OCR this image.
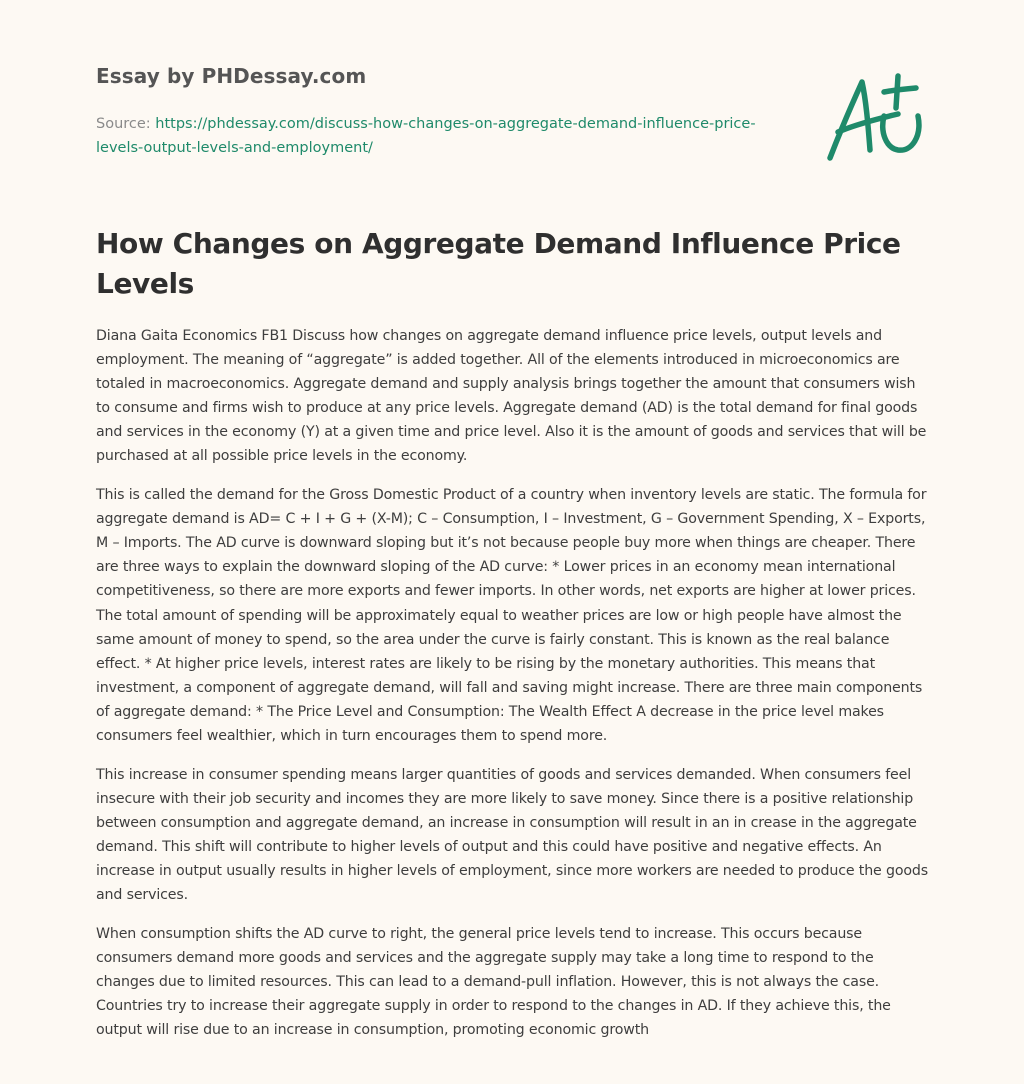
Essay by PHDessay.com
Source: https://phdessay.com/discuss-how-changes-on-aggregate-demand-influence-price-levels-output-levels-and-employment/
How Changes on Aggregate Demand Influence Price Levels

Diana Gaita Economics FB1 Discuss how changes on aggregate demand influence price levels, output levels and employment. The meaning of “aggregate” is added together. All of the elements introduced in microeconomics are totaled in macroeconomics. Aggregate demand and supply analysis brings together the amount that consumers wish to consume and firms wish to produce at any price levels. Aggregate demand (AD) is the total demand for final goods and services in the economy (Y) at a given time and price level. Also it is the amount of goods and services that will be purchased at all possible price levels in the economy.

This is called the demand for the Gross Domestic Product of a country when inventory levels are static. The formula for aggregate demand is AD= C + I + G + (X-M); C – Consumption, I – Investment, G – Government Spending, X – Exports, M – Imports. The AD curve is downward sloping but it’s not because people buy more when things are cheaper. There are three ways to explain the downward sloping of the AD curve: * Lower prices in an economy mean international competitiveness, so there are more exports and fewer imports. In other words, net exports are higher at lower prices. The total amount of spending will be approximately equal to weather prices are low or high people have almost the same amount of money to spend, so the area under the curve is fairly constant. This is known as the real balance effect. * At higher price levels, interest rates are likely to be rising by the monetary authorities. This means that investment, a component of aggregate demand, will fall and saving might increase. There are three main components of aggregate demand: * The Price Level and Consumption: The Wealth Effect A decrease in the price level makes consumers feel wealthier, which in turn encourages them to spend more.

This increase in consumer spending means larger quantities of goods and services demanded. When consumers feel insecure with their job security and incomes they are more likely to save money. Since there is a positive relationship between consumption and aggregate demand, an increase in consumption will result in an in crease in the aggregate demand. This shift will contribute to higher levels of output and this could have positive and negative effects. An increase in output usually results in higher levels of employment, since more workers are needed to produce the goods and services.

When consumption shifts the AD curve to right, the general price levels tend to increase. This occurs because consumers demand more goods and services and the aggregate supply may take a long time to respond to the changes due to limited resources. This can lead to a demand-pull inflation. However, this is not always the case. Countries try to increase their aggregate supply in order to respond to the changes in AD. If they achieve this, the output will rise due to an increase in consumption, promoting economic growth
